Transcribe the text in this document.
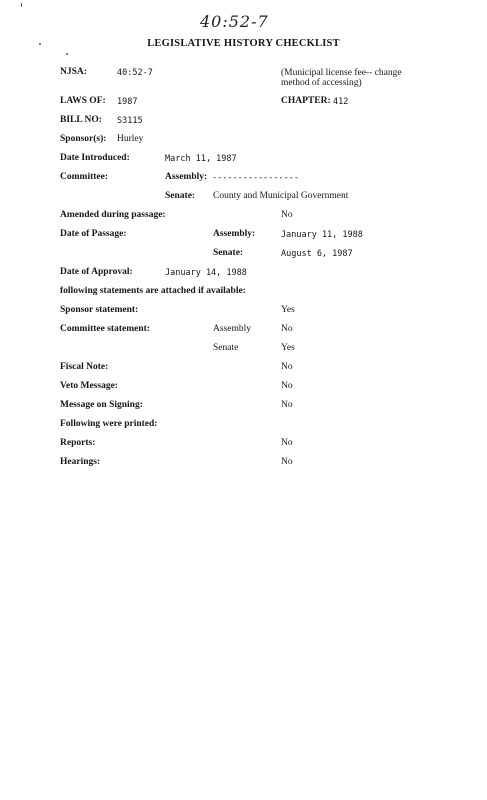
40:52-7
LEGISLATIVE HISTORY CHECKLIST
NJSA:	40:52-7	(Municipal license fee-- change method of accessing)
LAWS OF: 1987	CHAPTER: 412
BILL NO: S3115
Sponsor(s): Hurley
Date Introduced:	March 11, 1987
Committee:	Assembly: -----------------
Senate: County and Municipal Government
Amended during passage:	No
Date of Passage:	Assembly:	January 11, 1988
Senate:	August 6, 1987
Date of Approval:	January 14, 1988
following statements are attached if available:
Sponsor statement:	Yes
Committee statement:	Assembly	No
Senate	Yes
Fiscal Note:	No
Veto Message:	No
Message on Signing:	No
Following were printed:
Reports:	No
Hearings:	No
